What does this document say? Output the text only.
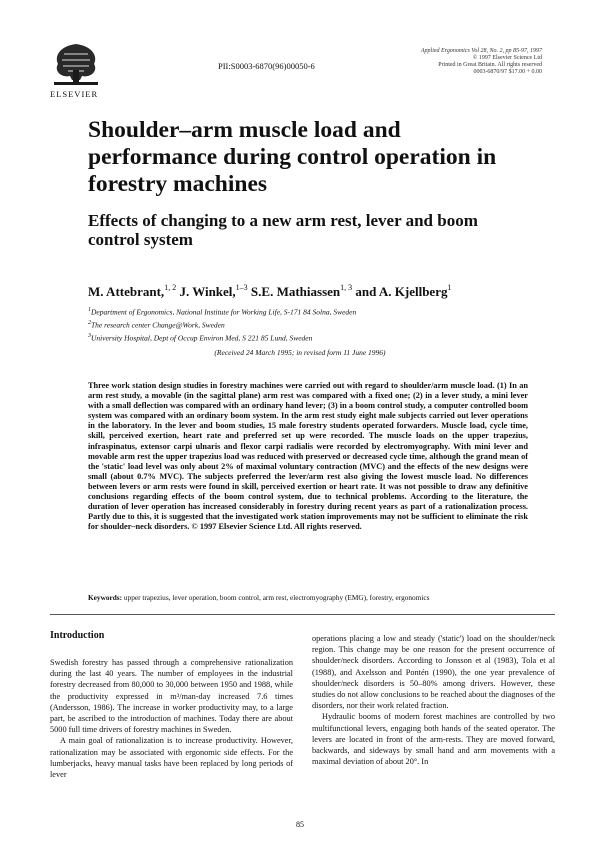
ELSEVIER
PII:S0003-6870(96)00050-6
Applied Ergonomics Vol 28, No. 2, pp 85-97, 1997
© 1997 Elsevier Science Ltd
Printed in Great Britain. All rights reserved
0003-6870/97 $17.00 + 0.00
Shoulder–arm muscle load and performance during control operation in forestry machines
Effects of changing to a new arm rest, lever and boom control system
M. Attebrant,$^{1, 2}$ J. Winkel,$^{1-3}$ S.E. Mathiassen$^{1, 3}$ and A. Kjellberg$^1$
$^1$Department of Ergonomics, National Institute for Working Life, S-171 84 Solna, Sweden
$^2$The research center Change@Work, Sweden
$^3$University Hospital, Dept of Occup Environ Med, S 221 85 Lund, Sweden
(Received 24 March 1995; in revised form 11 June 1996)
Three work station design studies in forestry machines were carried out with regard to shoulder/arm muscle load. (1) In an arm rest study, a movable (in the sagittal plane) arm rest was compared with a fixed one; (2) in a lever study, a mini lever with a small deflection was compared with an ordinary hand lever; (3) in a boom control study, a computer controlled boom system was compared with an ordinary boom system. In the arm rest study eight male subjects carried out lever operations in the laboratory. In the lever and boom studies, 15 male forestry students operated forwarders. Muscle load, cycle time, skill, perceived exertion, heart rate and preferred set up were recorded. The muscle loads on the upper trapezius, infraspinatus, extensor carpi ulnaris and flexor carpi radialis were recorded by electromyography. With mini lever and movable arm rest the upper trapezius load was reduced with preserved or decreased cycle time, although the grand mean of the 'static' load level was only about 2% of maximal voluntary contraction (MVC) and the effects of the new designs were small (about 0.7% MVC). The subjects preferred the lever/arm rest also giving the lowest muscle load. No differences between levers or arm rests were found in skill, perceived exertion or heart rate. It was not possible to draw any definitive conclusions regarding effects of the boom control system, due to technical problems. According to the literature, the duration of lever operation has increased considerably in forestry during recent years as part of a rationalization process. Partly due to this, it is suggested that the investigated work station improvements may not be sufficient to eliminate the risk for shoulder–neck disorders. © 1997 Elsevier Science Ltd. All rights reserved.
Keywords: upper trapezius, lever operation, boom control, arm rest, electromyography (EMG), forestry, ergonomics
Introduction

Swedish forestry has passed through a comprehensive rationalization during the last 40 years. The number of employees in the industrial forestry decreased from 80,000 to 30,000 between 1950 and 1988, while the productivity expressed in m³/man-day increased 7.6 times (Andersson, 1986). The increase in worker productivity may, to a large part, be ascribed to the introduction of machines. Today there are about 5000 full time drivers of forestry machines in Sweden.

A main goal of rationalization is to increase productivity. However, rationalization may be associated with ergonomic side effects. For the lumberjacks, heavy manual tasks have been replaced by long periods of lever

operations placing a low and steady ('static') load on the shoulder/neck region. This change may be one reason for the present occurrence of shoulder/neck disorders. According to Jonsson et al (1983), Tola et al (1988), and Axelsson and Pontén (1990), the one year prevalence of shoulder/neck disorders is 50–80% among drivers. However, these studies do not allow conclusions to be reached about the diagnoses of the disorders, nor their work related fraction.

Hydraulic booms of modern forest machines are controlled by two multifunctional levers, engaging both hands of the seated operator. The levers are located in front of the arm-rests. They are moved forward, backwards, and sideways by small hand and arm movements with a maximal deviation of about 20°. In

85
